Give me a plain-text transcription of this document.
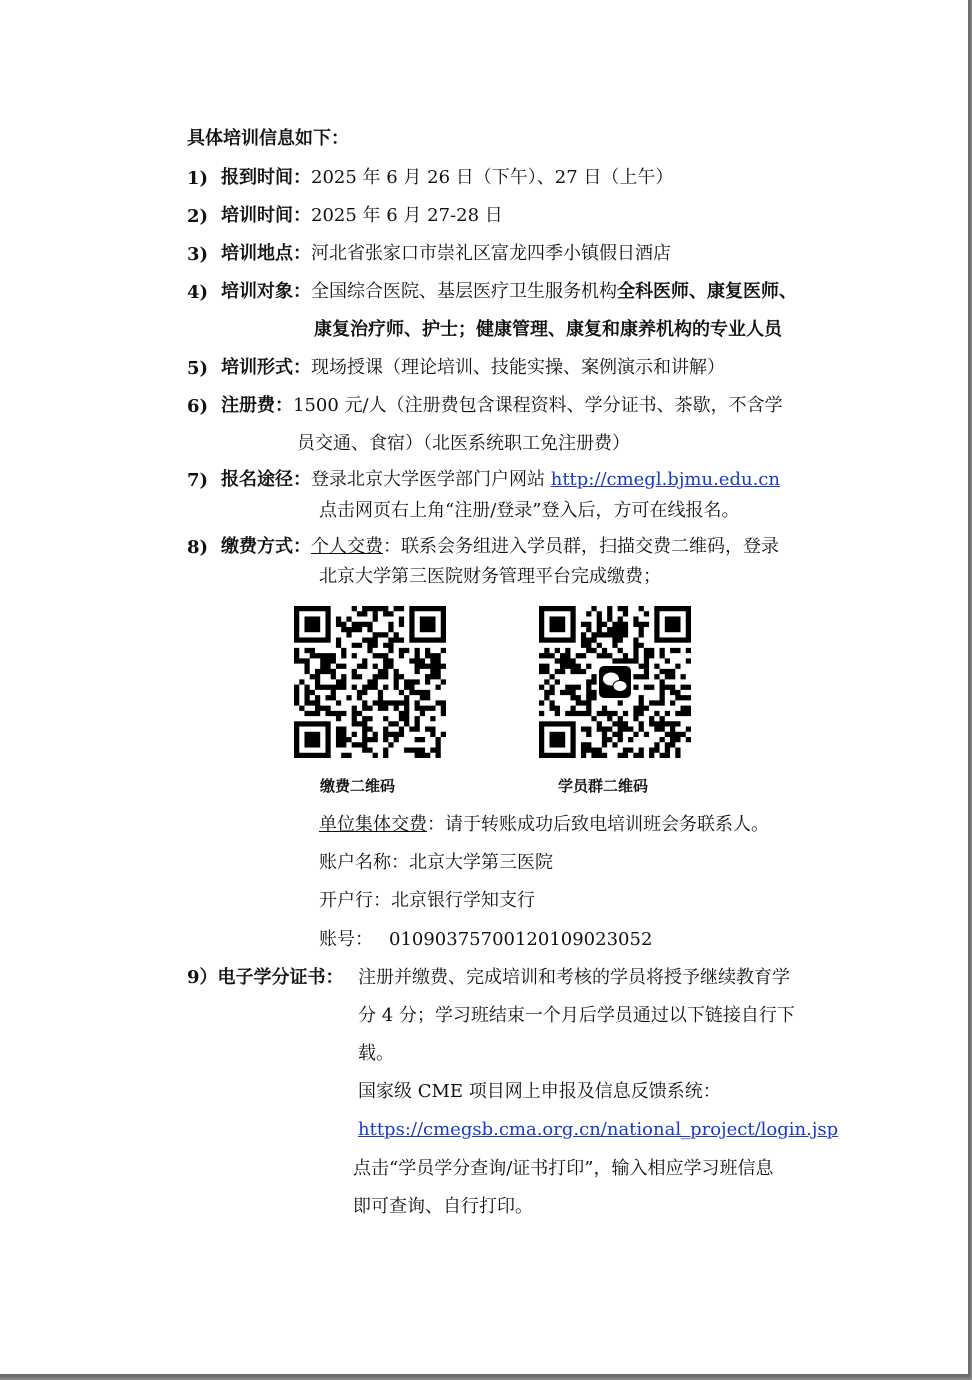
具体培训信息如下：
1) 报到时间：2025 年 6 月 26 日（下午）、27 日（上午）
2) 培训时间：2025 年 6 月 27-28 日
3) 培训地点：河北省张家口市崇礼区富龙四季小镇假日酒店
4) 培训对象：全国综合医院、基层医疗卫生服务机构全科医师、康复医师、
康复治疗师、护士；健康管理、康复和康养机构的专业人员
5) 培训形式：现场授课（理论培训、技能实操、案例演示和讲解）
6) 注册费：1500 元/人（注册费包含课程资料、学分证书、茶歇，不含学
员交通、食宿）（北医系统职工免注册费）
7) 报名途径：登录北京大学医学部门户网站 http://cmegl.bjmu.edu.cn
点击网页右上角“注册/登录”登入后，方可在线报名。
8) 缴费方式：个人交费：联系会务组进入学员群，扫描交费二维码，登录
北京大学第三医院财务管理平台完成缴费；
缴费二维码	学员群二维码
单位集体交费：请于转账成功后致电培训班会务联系人。
账户名称：北京大学第三医院
开户行：北京银行学知支行
账号： 01090375700120109023052
9）电子学分证书： 注册并缴费、完成培训和考核的学员将授予继续教育学
分 4 分；学习班结束一个月后学员通过以下链接自行下
载。
国家级 CME 项目网上申报及信息反馈系统：
https://cmegsb.cma.org.cn/national_project/login.jsp
点击“学员学分查询/证书打印”，输入相应学习班信息
即可查询、自行打印。
